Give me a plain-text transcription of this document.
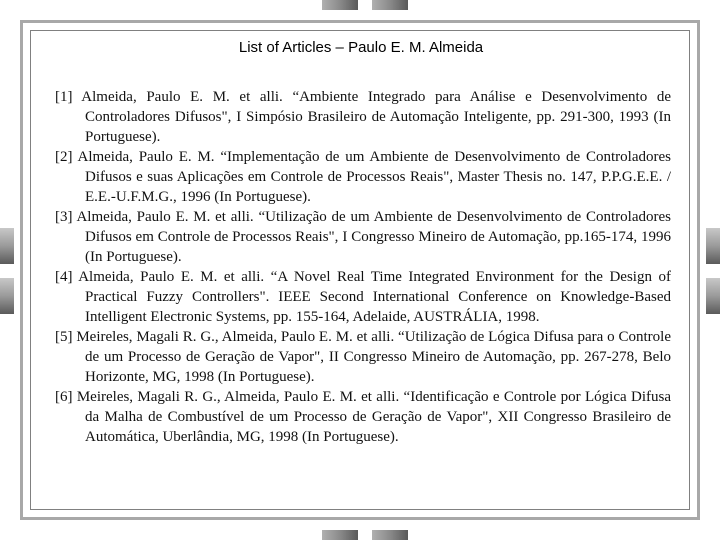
List of Articles – Paulo E. M. Almeida

[1] Almeida, Paulo E. M. et alli. “Ambiente Integrado para Análise e Desenvolvimento de Controladores Difusos", I Simpósio Brasileiro de Automação Inteligente, pp. 291-300, 1993 (In Portuguese).

[2] Almeida, Paulo E. M. “Implementação de um Ambiente de Desenvolvimento de Controladores Difusos e suas Aplicações em Controle de Processos Reais", Master Thesis no. 147, P.P.G.E.E. / E.E.-U.F.M.G., 1996 (In Portuguese).

[3] Almeida, Paulo E. M. et alli. “Utilização de um Ambiente de Desenvolvimento de Controladores Difusos em Controle de Processos Reais", I Congresso Mineiro de Automação, pp.165-174, 1996 (In Portuguese).

[4] Almeida, Paulo E. M. et alli. “A Novel Real Time Integrated Environment for the Design of Practical Fuzzy Controllers". IEEE Second International Conference on Knowledge-Based Intelligent Electronic Systems, pp. 155-164, Adelaide, AUSTRÁLIA, 1998.

[5] Meireles, Magali R. G., Almeida, Paulo E. M. et alli. “Utilização de Lógica Difusa para o Controle de um Processo de Geração de Vapor", II Congresso Mineiro de Automação, pp. 267-278, Belo Horizonte, MG, 1998 (In Portuguese).

[6] Meireles, Magali R. G., Almeida, Paulo E. M. et alli. “Identificação e Controle por Lógica Difusa da Malha de Combustível de um Processo de Geração de Vapor", XII Congresso Brasileiro de Automática, Uberlândia, MG, 1998 (In Portuguese).
